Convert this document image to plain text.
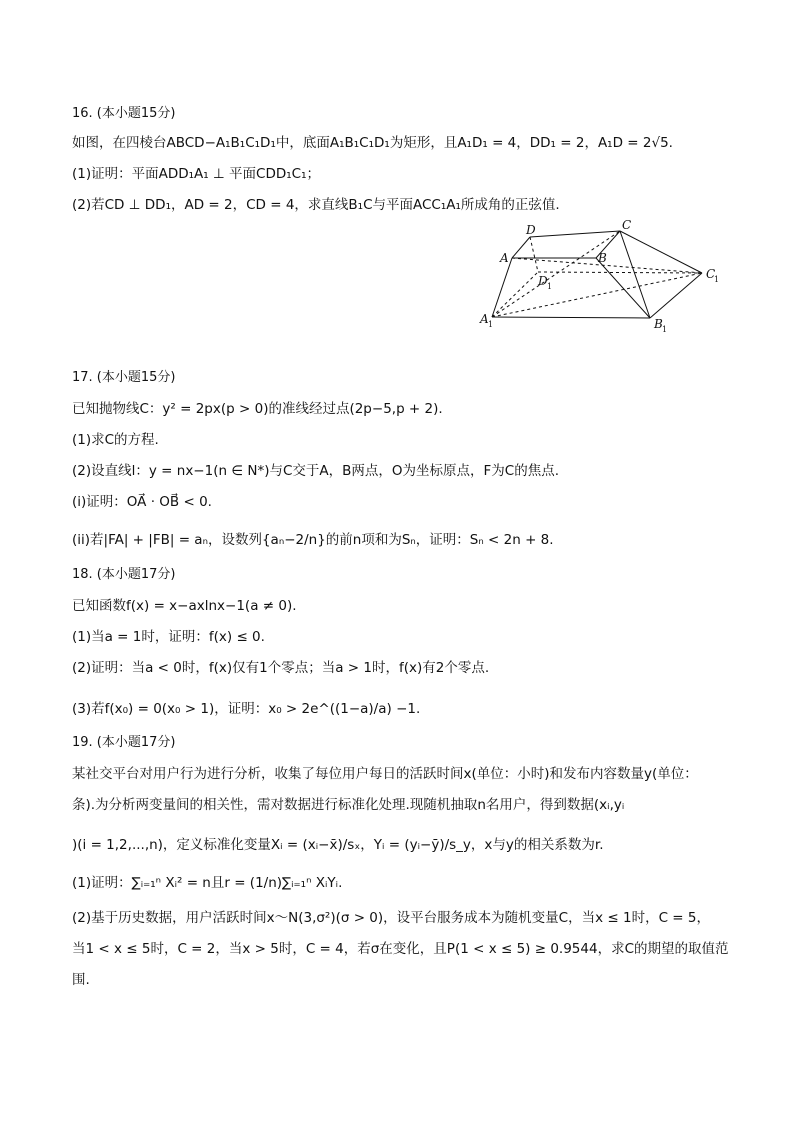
16. (本小题15分)
如图，在四棱台ABCD−A₁B₁C₁D₁中，底面A₁B₁C₁D₁为矩形，且A₁D₁ = 4，DD₁ = 2，A₁D = 2√5.
(1)证明：平面ADD₁A₁ ⊥ 平面CDD₁C₁；
(2)若CD ⊥ DD₁，AD = 2，CD = 4，求直线B₁C与平面ACC₁A₁所成角的正弦值.
D	C
A	B
D 1
C
1
A 1	B 1
17. (本小题15分)
已知抛物线C：y² = 2px(p > 0)的准线经过点(2p−5,p + 2).
(1)求C的方程.
(2)设直线l：y = nx−1(n ∈ N*)与C交于A，B两点，O为坐标原点，F为C的焦点.
(i)证明：OA⃗ · OB⃗ < 0.
(ii)若|FA| + |FB| = aₙ，设数列{aₙ−2/n}的前n项和为Sₙ，证明：Sₙ < 2n + 8.
18. (本小题17分)
已知函数f(x) = x−axlnx−1(a ≠ 0).
(1)当a = 1时，证明：f(x) ≤ 0.
(2)证明：当a < 0时，f(x)仅有1个零点；当a > 1时，f(x)有2个零点.
(3)若f(x₀) = 0(x₀ > 1)，证明：x₀ > 2e^((1−a)/a) −1.
19. (本小题17分)
某社交平台对用户行为进行分析，收集了每位用户每日的活跃时间x(单位：小时)和发布内容数量y(单位：
条).为分析两变量间的相关性，需对数据进行标准化处理.现随机抽取n名用户，得到数据(xᵢ,yᵢ
)(i = 1,2,...,n)，定义标准化变量Xᵢ = (xᵢ−x̄)/sₓ，Yᵢ = (yᵢ−ȳ)/s_y，x与y的相关系数为r.
(1)证明：∑ᵢ₌₁ⁿ Xᵢ² = n且r = (1/n)∑ᵢ₌₁ⁿ XᵢYᵢ.
(2)基于历史数据，用户活跃时间x～N(3,σ²)(σ > 0)，设平台服务成本为随机变量C，当x ≤ 1时，C = 5，
当1 < x ≤ 5时，C = 2，当x > 5时，C = 4，若σ在变化，且P(1 < x ≤ 5) ≥ 0.9544，求C的期望的取值范
围.
